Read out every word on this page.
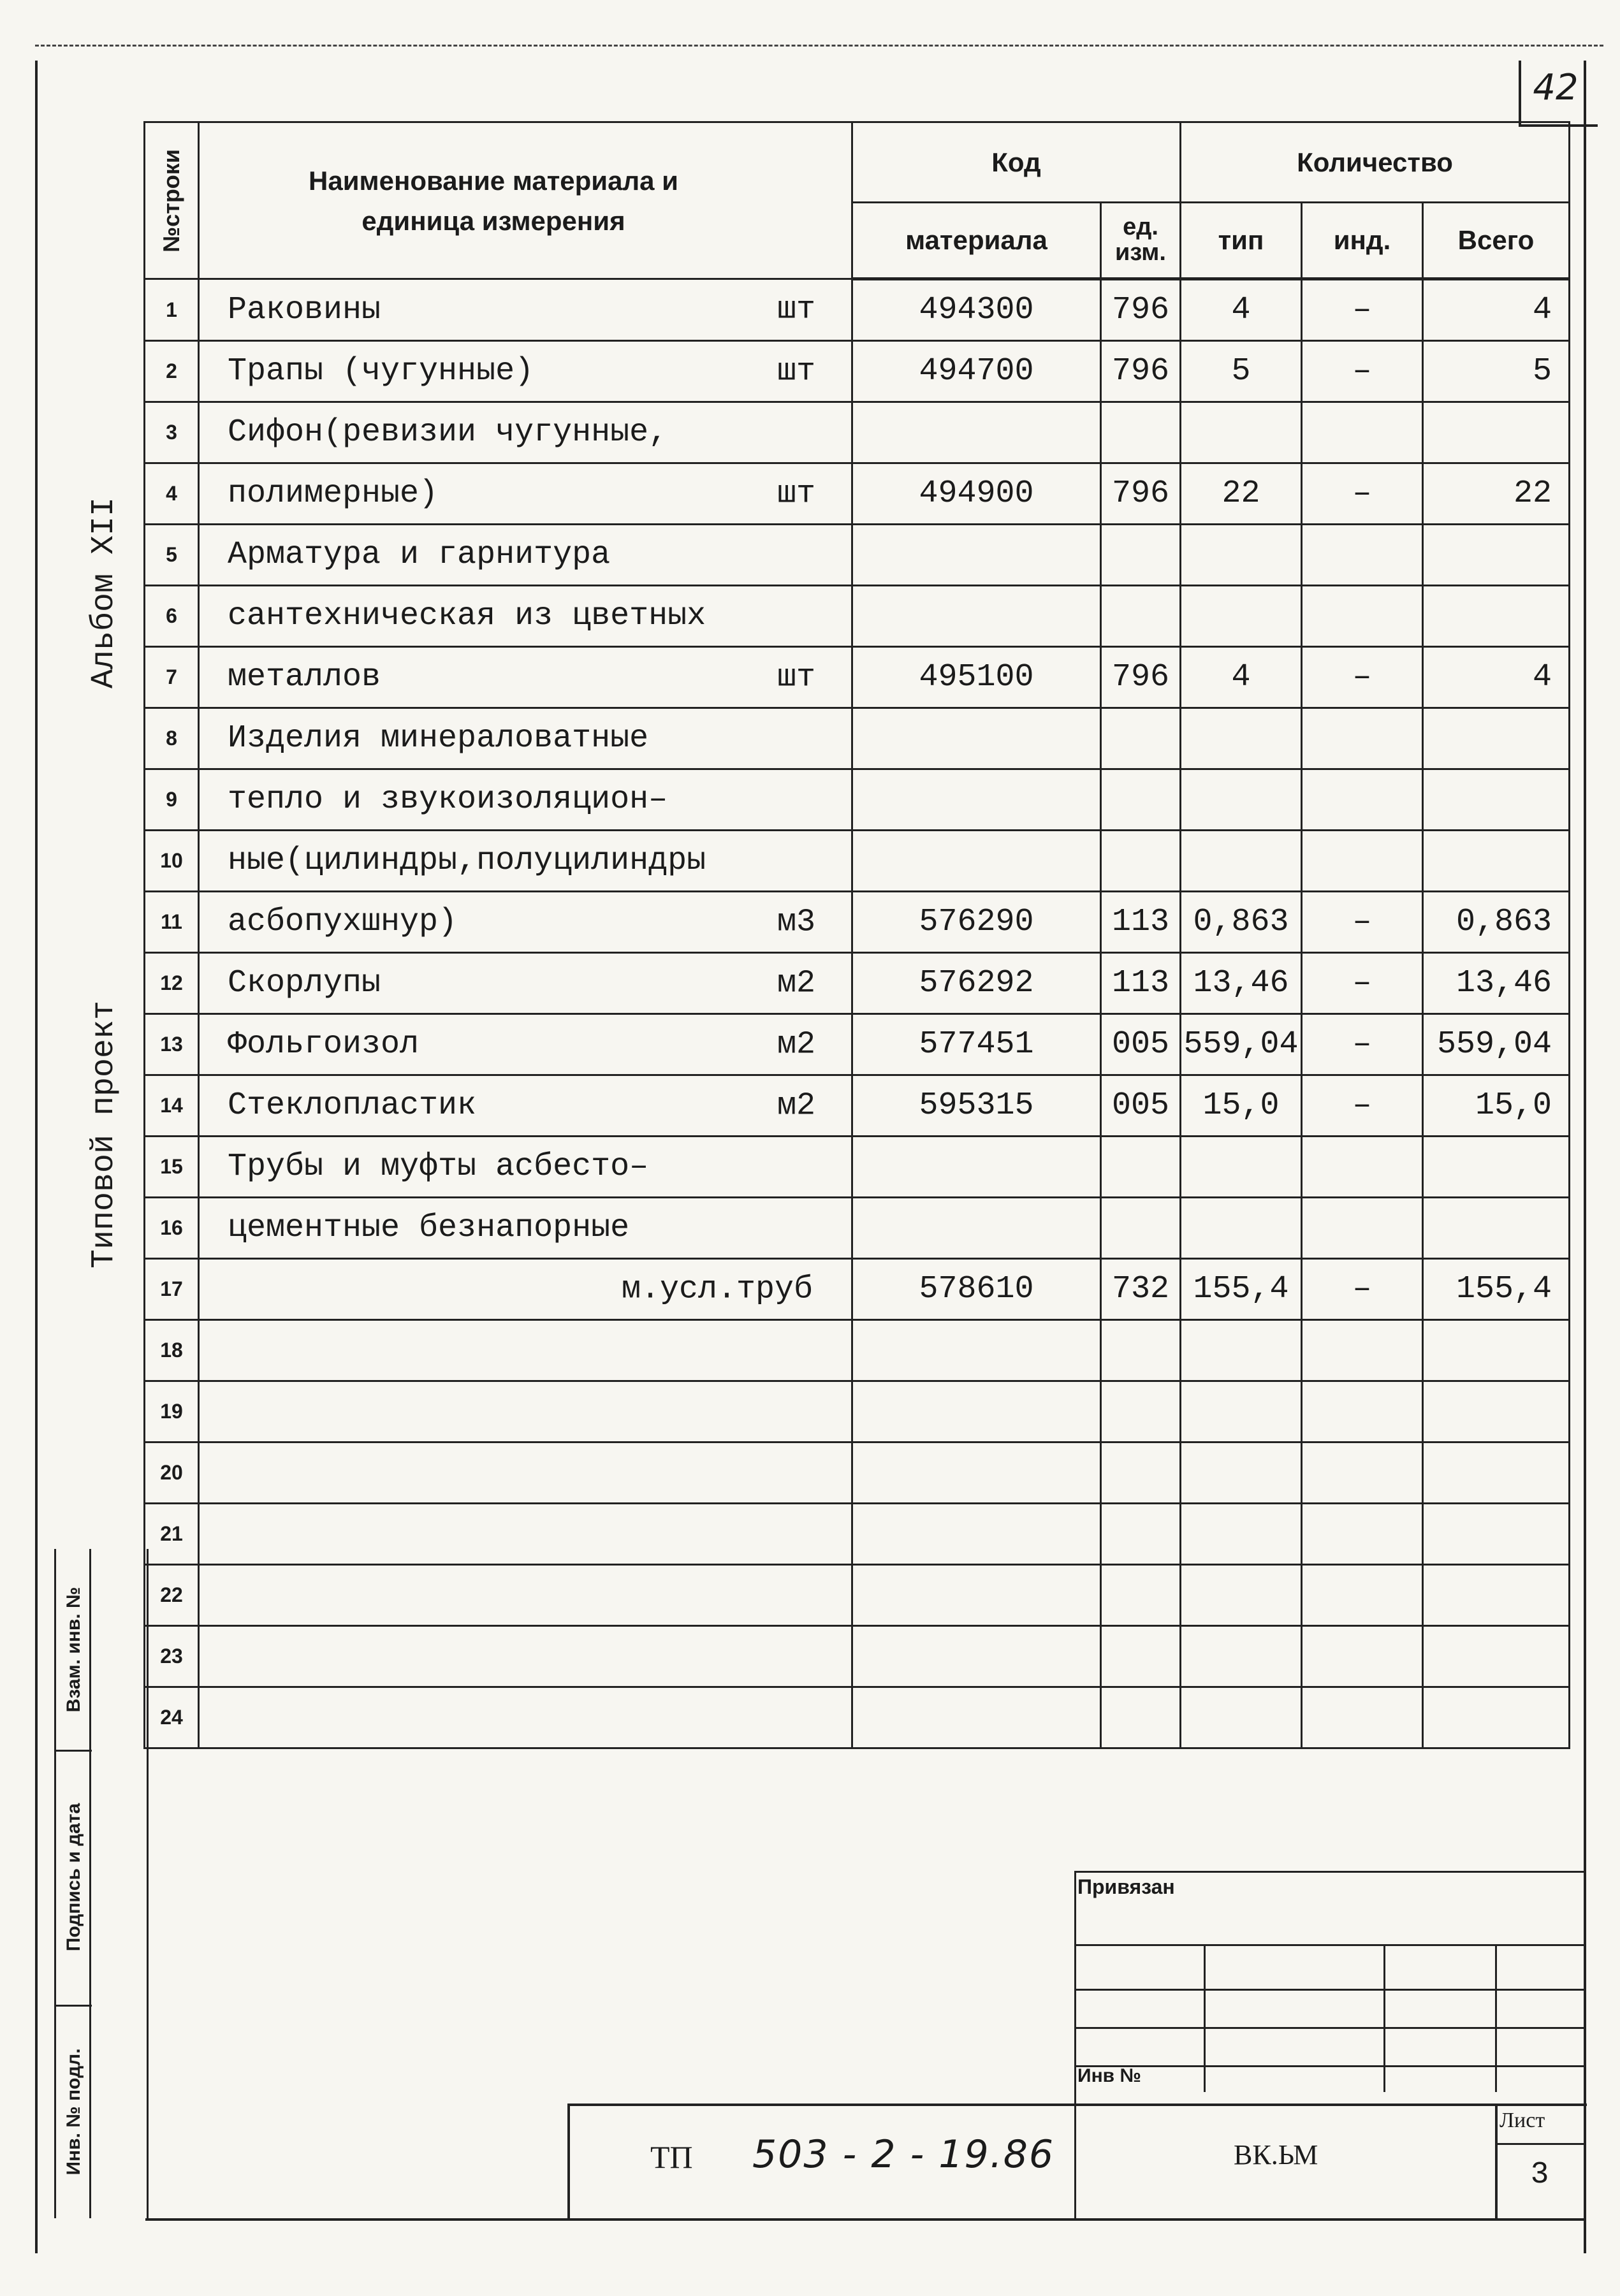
42
Альбом XII
Типовой проект
№строки	Наименование материала и единица измерения	Код		Количество		
		материала	ед. изм.	тип	инд.	Всего
1	Раковины шт	494300	796	4	–	4
2	Трапы (чугунные) шт	494700	796	5	–	5
3	Сифон(ревизии чугунные,

4	полимерные) шт	494900	796	22	–	22
5	Арматура и гарнитура

6	сантехническая из цветных

7	металлов шт	495100	796	4	–	4
8	Изделия минераловатные

9	тепло и звукоизоляцион–

10	ные(цилиндры,полуцилиндры

11	асбопухшнур) м3	576290	113	0,863	–	0,863
12	Скорлупы м2	576292	113	13,46	–	13,46
13	Фольгоизол м2	577451	005	559,04	–	559,04
14	Стеклопластик м2	595315	005	15,0	–	15,0
15	Трубы и муфты асбесто–

16	цементные безнапорные

17	м.усл.труб	578610	732	155,4	–	155,4
18	

19	

20	

21	

22	

23	

24	

Взам. инв. №
Подпись и дата
Инв. № подл.
Привязан
Инв №
ТП 503 - 2 - 19.86	ВК.ЬМ
Лист
3
